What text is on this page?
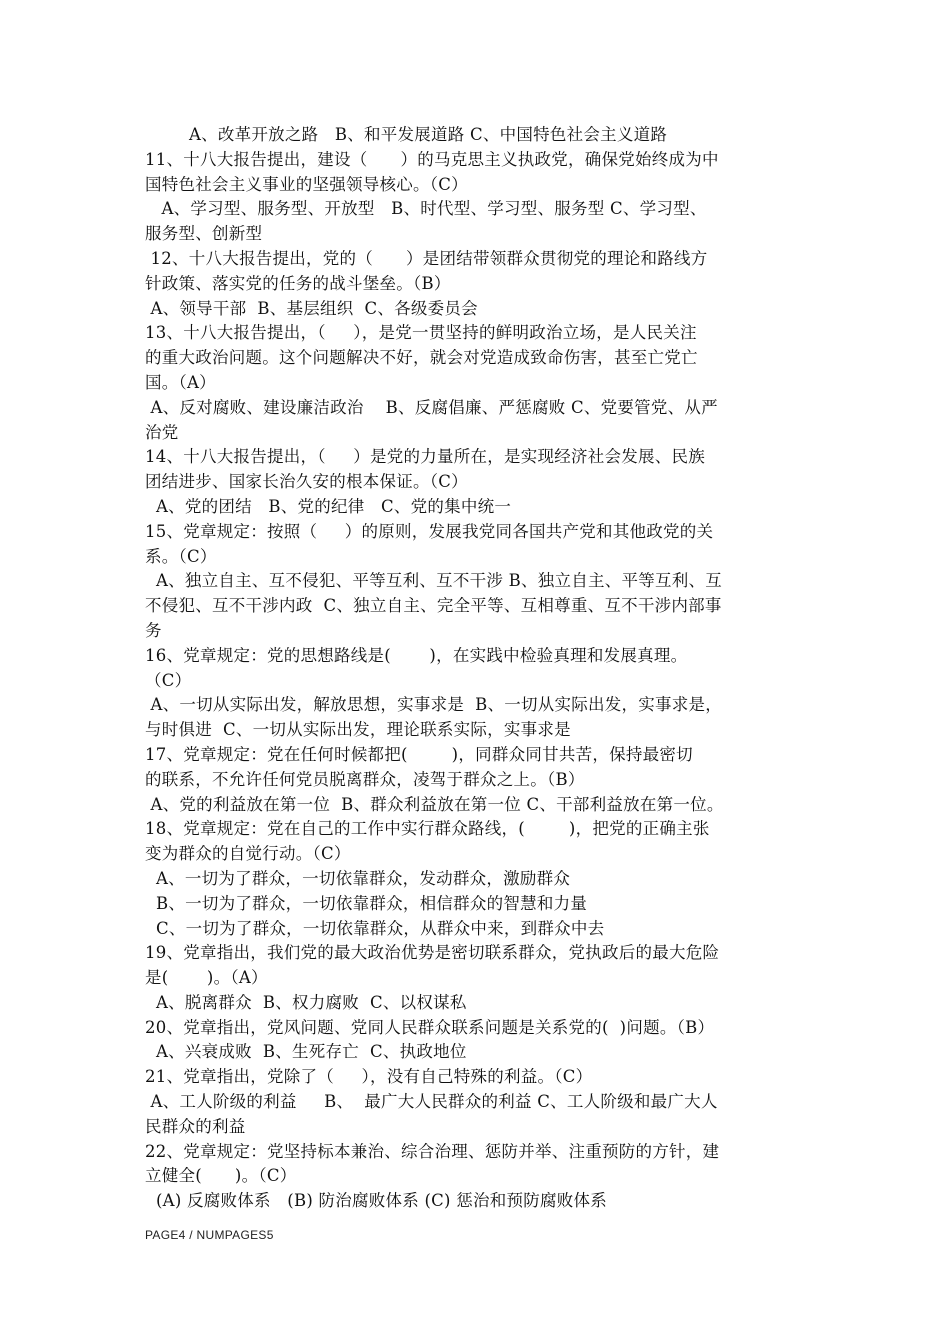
A、改革开放之路   B、和平发展道路 C、中国特色社会主义道路
11、十八大报告提出，建设（      ）的马克思主义执政党，确保党始终成为中
国特色社会主义事业的坚强领导核心。（C）
A、学习型、服务型、开放型   B、时代型、学习型、服务型 C、学习型、
服务型、创新型
12、十八大报告提出，党的（      ）是团结带领群众贯彻党的理论和路线方
针政策、落实党的任务的战斗堡垒。（B）
A、领导干部  B、基层组织  C、各级委员会
13、十八大报告提出，（     ），是党一贯坚持的鲜明政治立场，是人民关注
的重大政治问题。这个问题解决不好，就会对党造成致命伤害，甚至亡党亡
国。（A）
A、反对腐败、建设廉洁政治    B、反腐倡廉、严惩腐败 C、党要管党、从严
治党
14、十八大报告提出，（     ）是党的力量所在，是实现经济社会发展、民族
团结进步、国家长治久安的根本保证。（C）
A、党的团结   B、党的纪律   C、党的集中统一
15、党章规定：按照（     ）的原则，发展我党同各国共产党和其他政党的关
系。（C）
A、独立自主、互不侵犯、平等互利、互不干涉 B、独立自主、平等互利、互
不侵犯、互不干涉内政  C、独立自主、完全平等、互相尊重、互不干涉内部事
务
16、党章规定：党的思想路线是(       )，在实践中检验真理和发展真理。
（C）
A、一切从实际出发，解放思想，实事求是  B、一切从实际出发，实事求是，
与时俱进  C、一切从实际出发，理论联系实际，实事求是
17、党章规定：党在任何时候都把(        )，同群众同甘共苦，保持最密切
的联系，不允许任何党员脱离群众，凌驾于群众之上。（B）
A、党的利益放在第一位  B、群众利益放在第一位 C、干部利益放在第一位。
18、党章规定：党在自己的工作中实行群众路线，(        )，把党的正确主张
变为群众的自觉行动。（C）
A、一切为了群众，一切依靠群众，发动群众，激励群众
B、一切为了群众，一切依靠群众，相信群众的智慧和力量
C、一切为了群众，一切依靠群众，从群众中来，到群众中去
19、党章指出，我们党的最大政治优势是密切联系群众，党执政后的最大危险
是(       )。（A）
A、脱离群众  B、权力腐败  C、以权谋私
20、党章指出，党风问题、党同人民群众联系问题是关系党的(  )问题。（B）
A、兴衰成败  B、生死存亡  C、执政地位
21、党章指出，党除了（     ），没有自己特殊的利益。（C）
A、工人阶级的利益     B、  最广大人民群众的利益 C、工人阶级和最广大人
民群众的利益
22、党章规定：党坚持标本兼治、综合治理、惩防并举、注重预防的方针，建
立健全(      )。（C）
(A) 反腐败体系   (B) 防治腐败体系 (C) 惩治和预防腐败体系
PAGE4 / NUMPAGES5
